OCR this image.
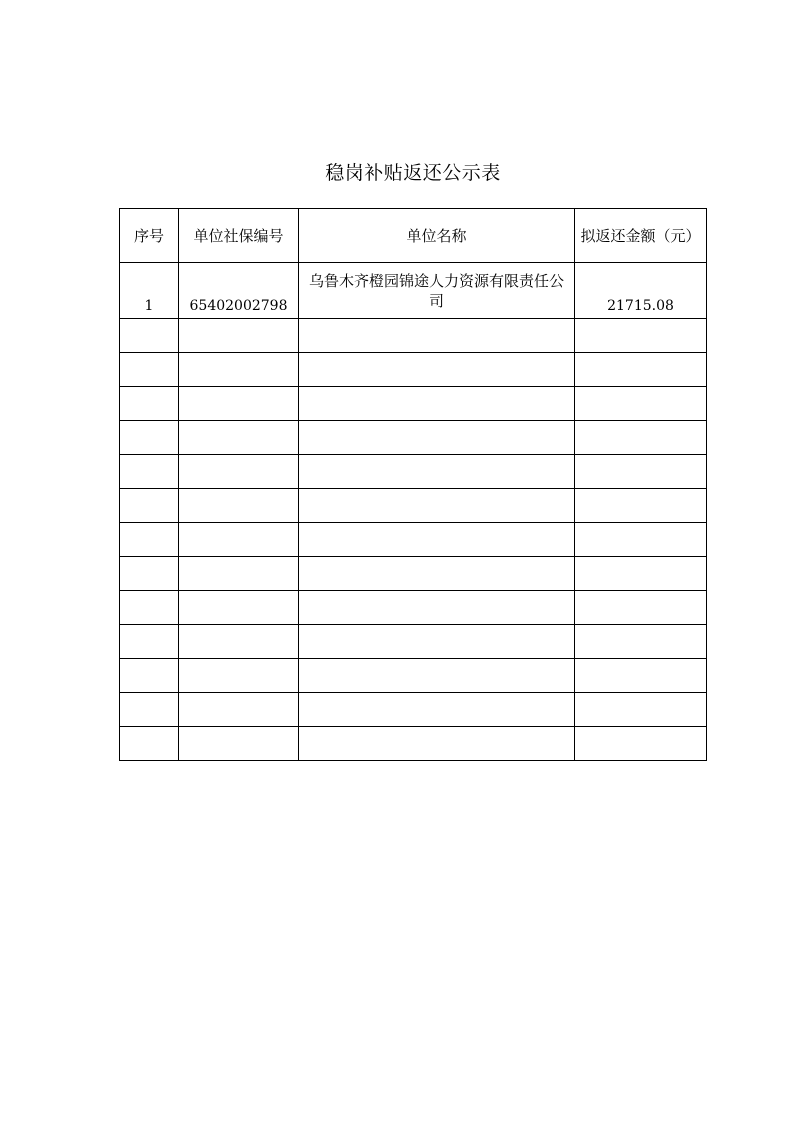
稳岗补贴返还公示表
序号	单位社保编号	单位名称	拟返还金额（元）
1	65402002798	乌鲁木齐橙园锦途人力资源有限责任公司	21715.08
